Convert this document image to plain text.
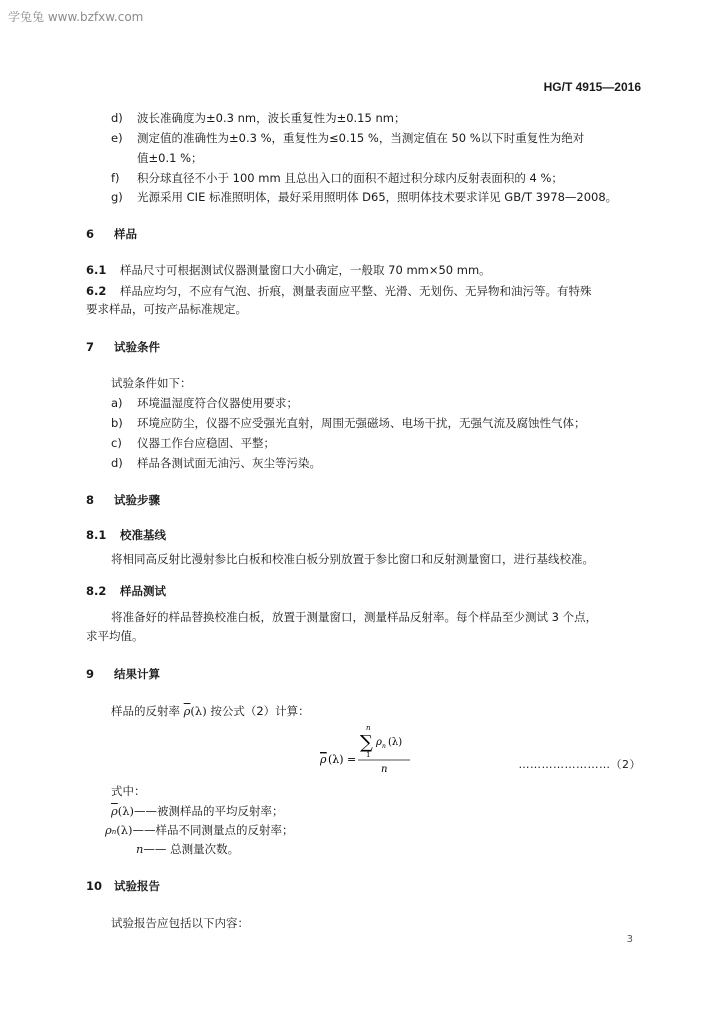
学兔兔 www.bzfxw.com
HG/T 4915—2016
d) 波长准确度为±0.3 nm，波长重复性为±0.15 nm；
e) 测定值的准确性为±0.3 %，重复性为≤0.15 %，当测定值在 50 %以下时重复性为绝对
值±0.1 %；
f) 积分球直径不小于 100 mm 且总出入口的面积不超过积分球内反射表面积的 4 %；
g) 光源采用 CIE 标准照明体，最好采用照明体 D65，照明体技术要求详见 GB/T 3978—2008。
6 样品
6.1 样品尺寸可根据测试仪器测量窗口大小确定，一般取 70 mm×50 mm。
6.2 样品应均匀，不应有气泡、折痕，测量表面应平整、光滑、无划伤、无异物和油污等。有特殊
要求样品，可按产品标准规定。
7 试验条件
试验条件如下：
a) 环境温湿度符合仪器使用要求；
b) 环境应防尘，仪器不应受强光直射，周围无强磁场、电场干扰，无强气流及腐蚀性气体；
c) 仪器工作台应稳固、平整；
d) 样品各测试面无油污、灰尘等污染。
8 试验步骤
8.1 校准基线
将相同高反射比漫射参比白板和校准白板分别放置于参比窗口和反射测量窗口，进行基线校准。
8.2 样品测试
将准备好的样品替换校准白板，放置于测量窗口，测量样品反射率。每个样品至少测试 3 个点，
求平均值。
9 结果计算
样品的反射率 $\overline{\rho}(\lambda)$ 按公式（2）计算：
ρ (λ) =
n
∑
1
ρ n (λ)
n	……………………（2）
式中：
$\overline{\rho}(\lambda)——$被测样品的平均反射率；
ρn(λ)——样品不同测量点的反射率；
n—— 总测量次数。
10 试验报告
试验报告应包括以下内容：
3
